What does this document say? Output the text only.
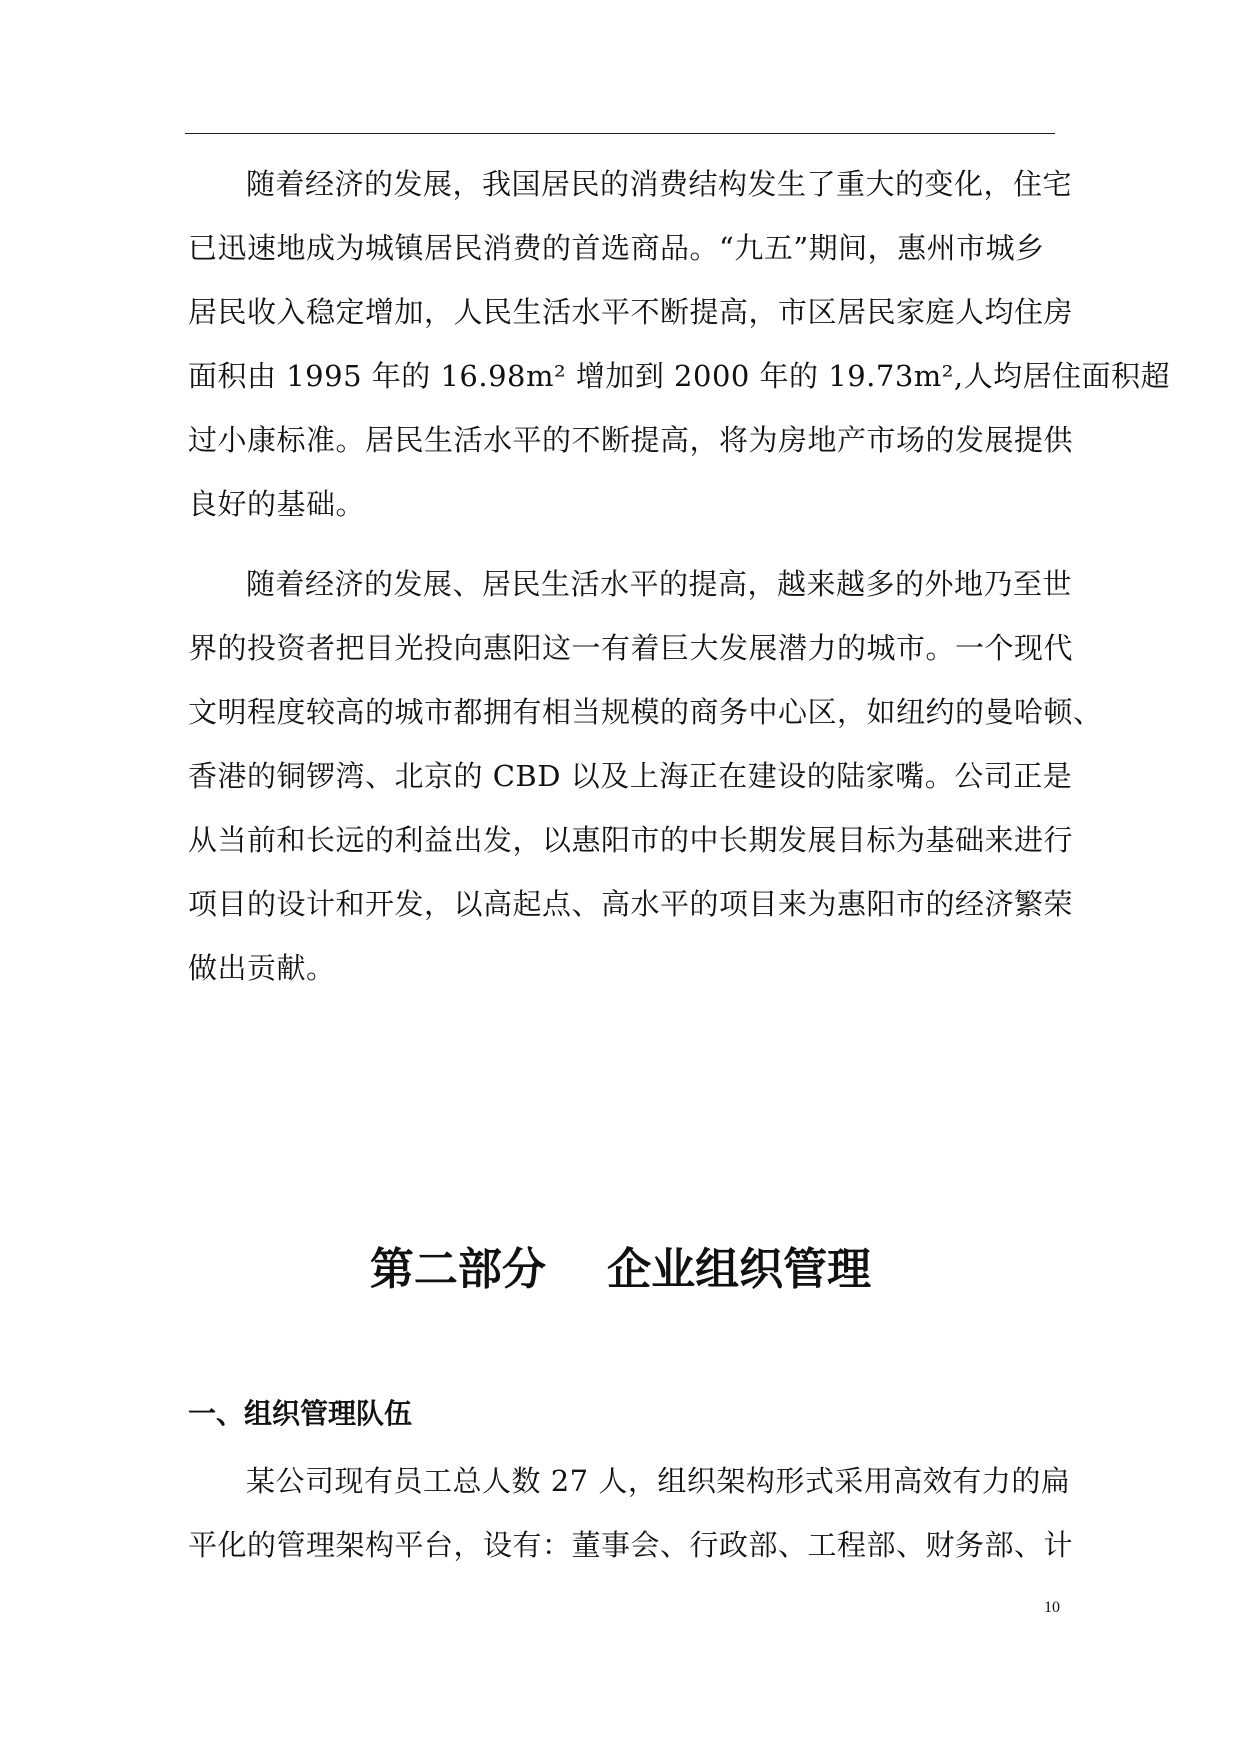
随着经济的发展，我国居民的消费结构发生了重大的变化，住宅
已迅速地成为城镇居民消费的首选商品。“九五”期间，惠州市城乡
居民收入稳定增加，人民生活水平不断提高，市区居民家庭人均住房
面积由 1995 年的 16.98m² 增加到 2000 年的 19.73m²,人均居住面积超
过小康标准。居民生活水平的不断提高，将为房地产市场的发展提供
良好的基础。
随着经济的发展、居民生活水平的提高，越来越多的外地乃至世
界的投资者把目光投向惠阳这一有着巨大发展潜力的城市。一个现代
文明程度较高的城市都拥有相当规模的商务中心区，如纽约的曼哈顿、
香港的铜锣湾、北京的 CBD 以及上海正在建设的陆家嘴。公司正是
从当前和长远的利益出发，以惠阳市的中长期发展目标为基础来进行
项目的设计和开发，以高起点、高水平的项目来为惠阳市的经济繁荣
做出贡献。
第二部分    企业组织管理
一、组织管理队伍
某公司现有员工总人数 27 人，组织架构形式采用高效有力的扁
平化的管理架构平台，设有：董事会、行政部、工程部、财务部、计
10
